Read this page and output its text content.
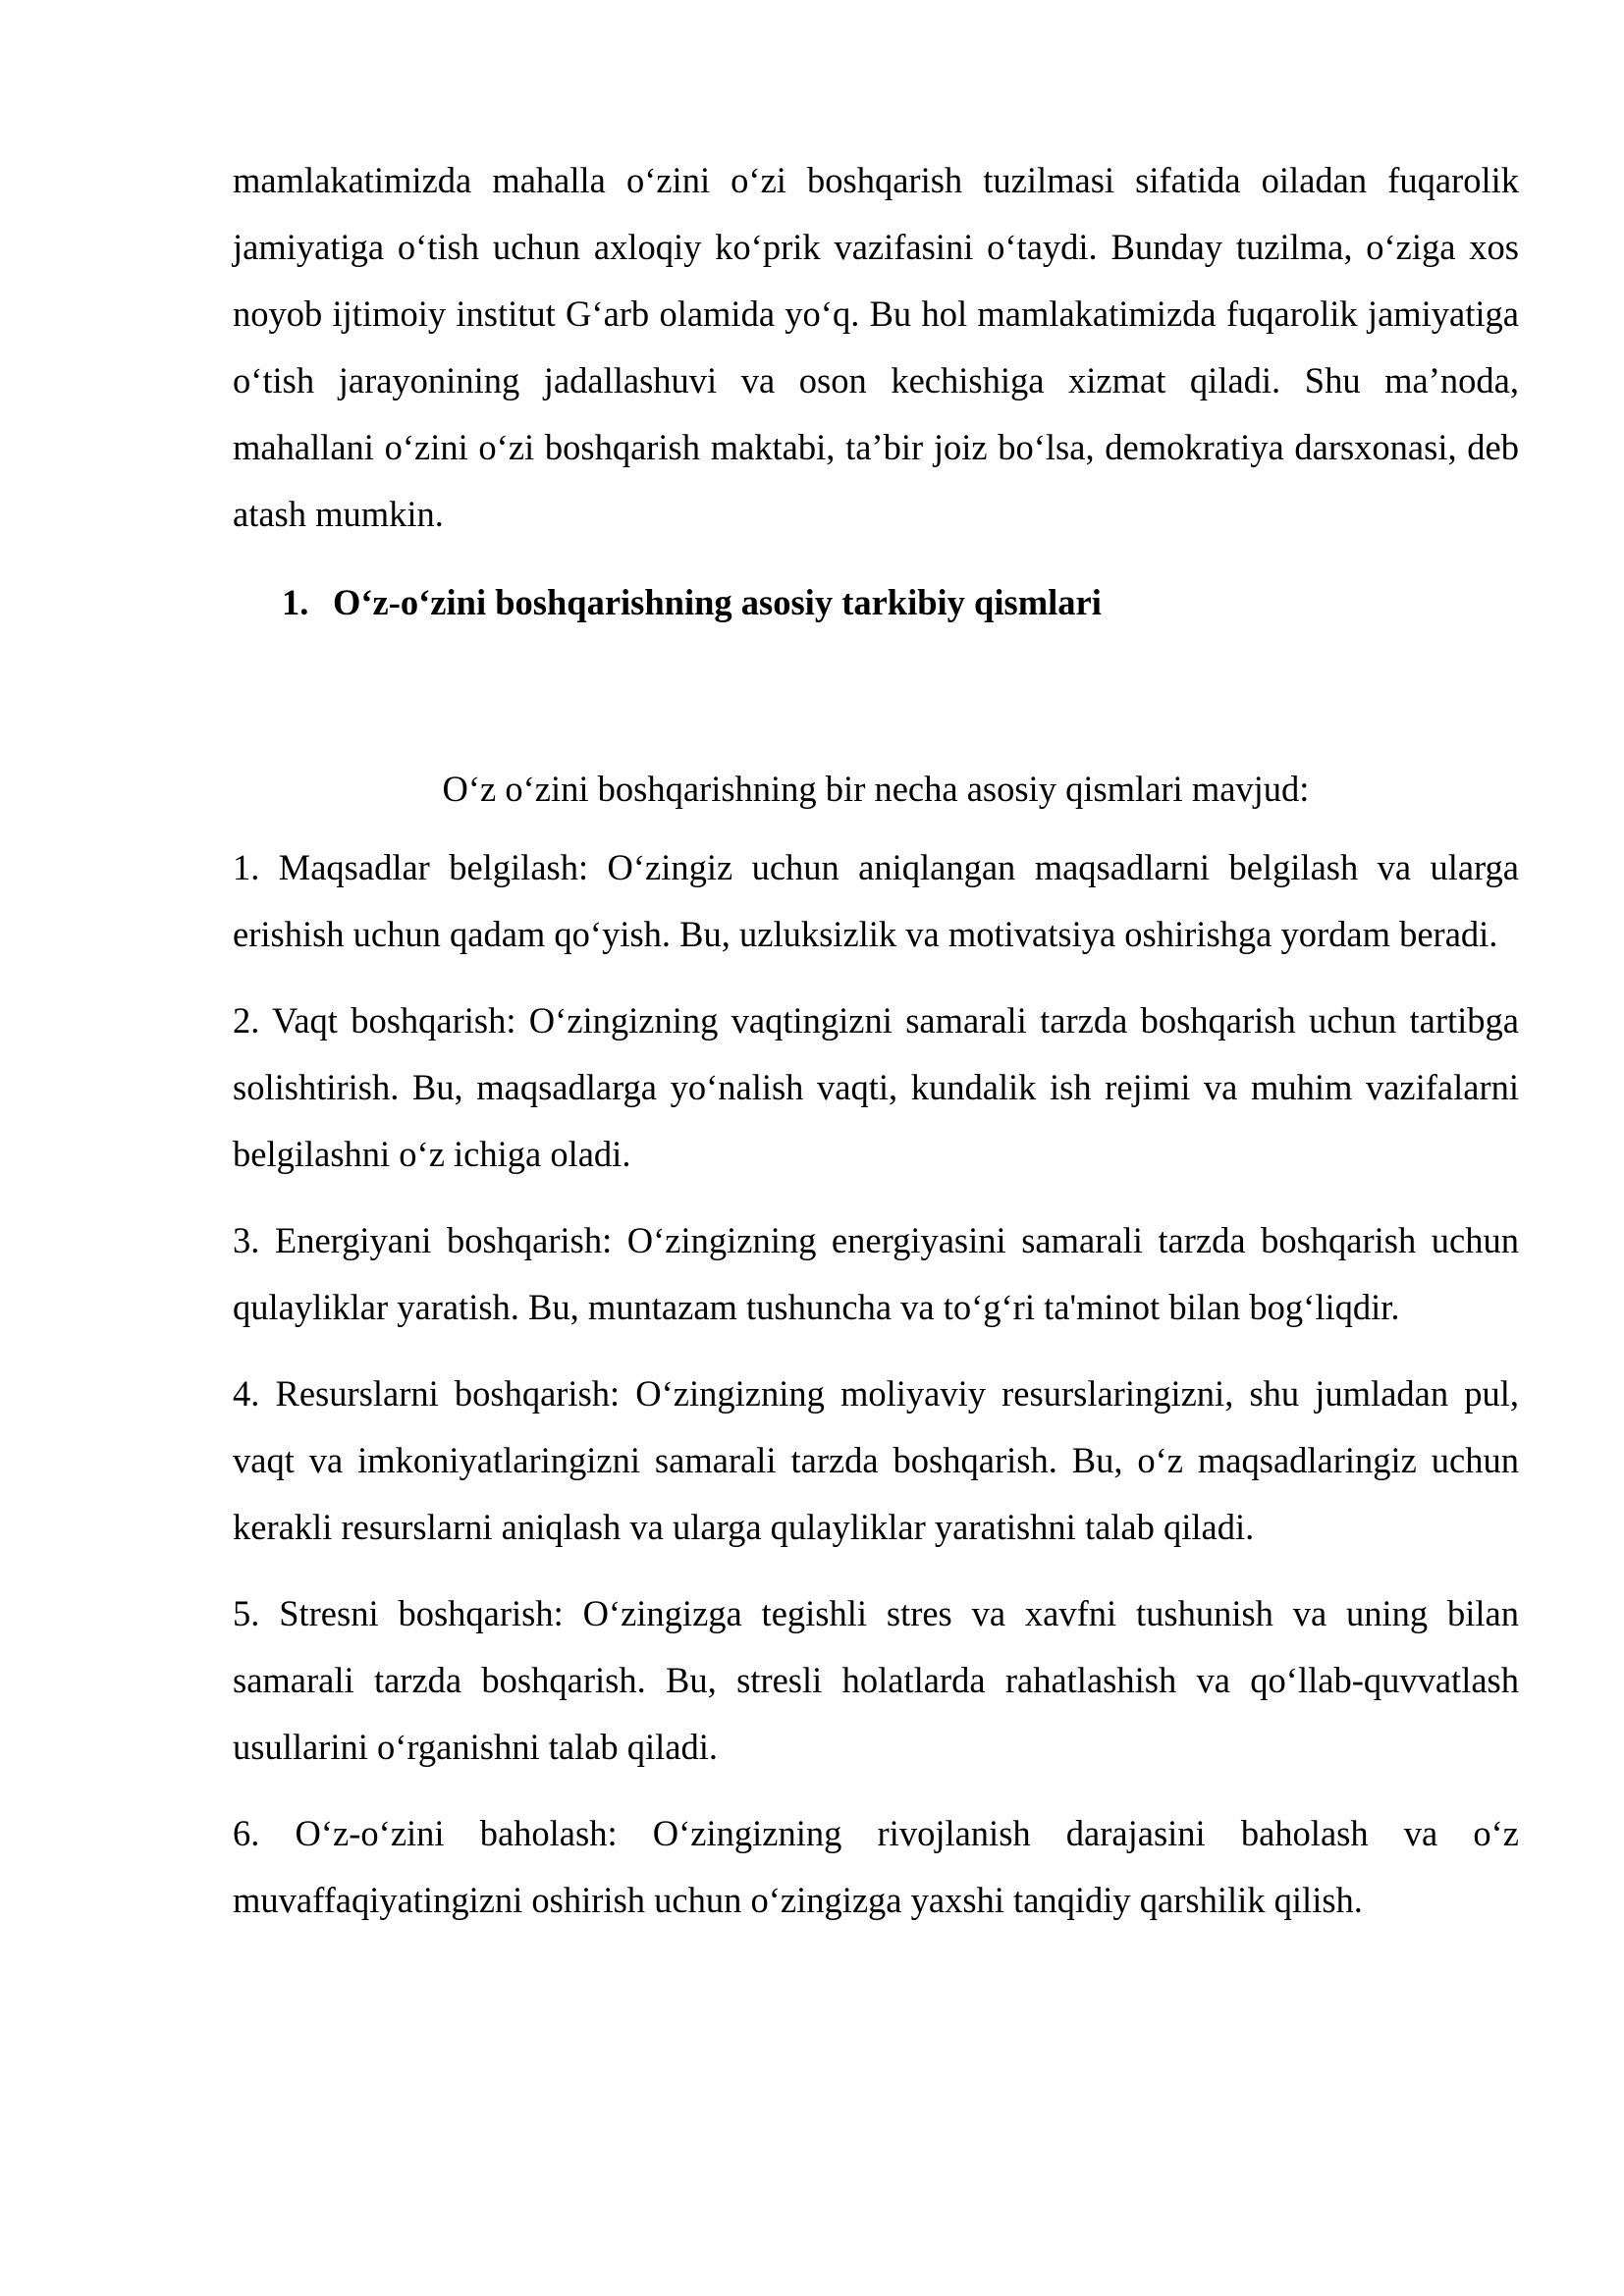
mamlakatimizda mahalla o‘zini o‘zi boshqarish tuzilmasi sifatida oiladan fuqarolik jamiyatiga o‘tish uchun axloqiy ko‘prik vazifasini o‘taydi. Bunday tuzilma, o‘ziga xos noyob ijtimoiy institut G‘arb olamida yo‘q. Bu hol mamlakatimizda fuqarolik jamiyatiga o‘tish jarayonining jadallashuvi va oson kechishiga xizmat qiladi. Shu ma’noda, mahallani o‘zini o‘zi boshqarish maktabi, ta’bir joiz bo‘lsa, demokratiya darsxonasi, deb atash mumkin.

1. O‘z-o‘zini boshqarishning asosiy tarkibiy qismlari

O‘z o‘zini boshqarishning bir necha asosiy qismlari mavjud:

1. Maqsadlar belgilash: O‘zingiz uchun aniqlangan maqsadlarni belgilash va ularga erishish uchun qadam qo‘yish. Bu, uzluksizlik va motivatsiya oshirishga yordam beradi.

2. Vaqt boshqarish: O‘zingizning vaqtingizni samarali tarzda boshqarish uchun tartibga solishtirish. Bu, maqsadlarga yo‘nalish vaqti, kundalik ish rejimi va muhim vazifalarni belgilashni o‘z ichiga oladi.

3. Energiyani boshqarish: O‘zingizning energiyasini samarali tarzda boshqarish uchun qulayliklar yaratish. Bu, muntazam tushuncha va to‘g‘ri ta'minot bilan bog‘liqdir.

4. Resurslarni boshqarish: O‘zingizning moliyaviy resurslaringizni, shu jumladan pul, vaqt va imkoniyatlaringizni samarali tarzda boshqarish. Bu, o‘z maqsadlaringiz uchun kerakli resurslarni aniqlash va ularga qulayliklar yaratishni talab qiladi.

5. Stresni boshqarish: O‘zingizga tegishli stres va xavfni tushunish va uning bilan samarali tarzda boshqarish. Bu, stresli holatlarda rahatlashish va qo‘llab-quvvatlash usullarini o‘rganishni talab qiladi.

6. O‘z-o‘zini baholash: O‘zingizning rivojlanish darajasini baholash va o‘z muvaffaqiyatingizni oshirish uchun o‘zingizga yaxshi tanqidiy qarshilik qilish.
